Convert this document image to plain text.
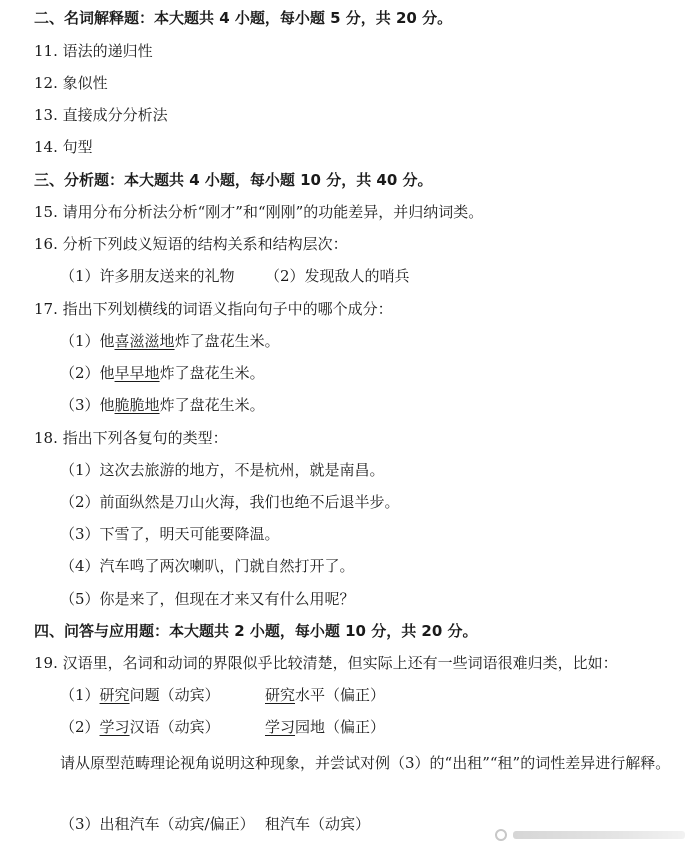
二、名词解释题：本大题共 4 小题，每小题 5 分，共 20 分。
11. 语法的递归性
12. 象似性
13. 直接成分分析法
14. 句型
三、分析题：本大题共 4 小题，每小题 10 分，共 40 分。
15. 请用分布分析法分析“刚才”和“刚刚”的功能差异，并归纳词类。
16. 分析下列歧义短语的结构关系和结构层次：
（1）许多朋友送来的礼物 （2）发现敌人的哨兵
17. 指出下列划横线的词语义指向句子中的哪个成分：
（1）他喜滋滋地炸了盘花生米。
（2）他早早地炸了盘花生米。
（3）他脆脆地炸了盘花生米。
18. 指出下列各复句的类型：
（1）这次去旅游的地方，不是杭州，就是南昌。
（2）前面纵然是刀山火海，我们也绝不后退半步。
（3）下雪了，明天可能要降温。
（4）汽车鸣了两次喇叭，门就自然打开了。
（5）你是来了，但现在才来又有什么用呢？
四、问答与应用题：本大题共 2 小题，每小题 10 分，共 20 分。
19. 汉语里，名词和动词的界限似乎比较清楚，但实际上还有一些词语很难归类，比如：
（1）研究问题（动宾）	研究水平（偏正）
（2）学习汉语（动宾）	学习园地（偏正）
请从原型范畴理论视角说明这种现象，并尝试对例（3）的“出租”“租”的词性差异进行解释。
（3）出租汽车（动宾/偏正） 租汽车（动宾）
